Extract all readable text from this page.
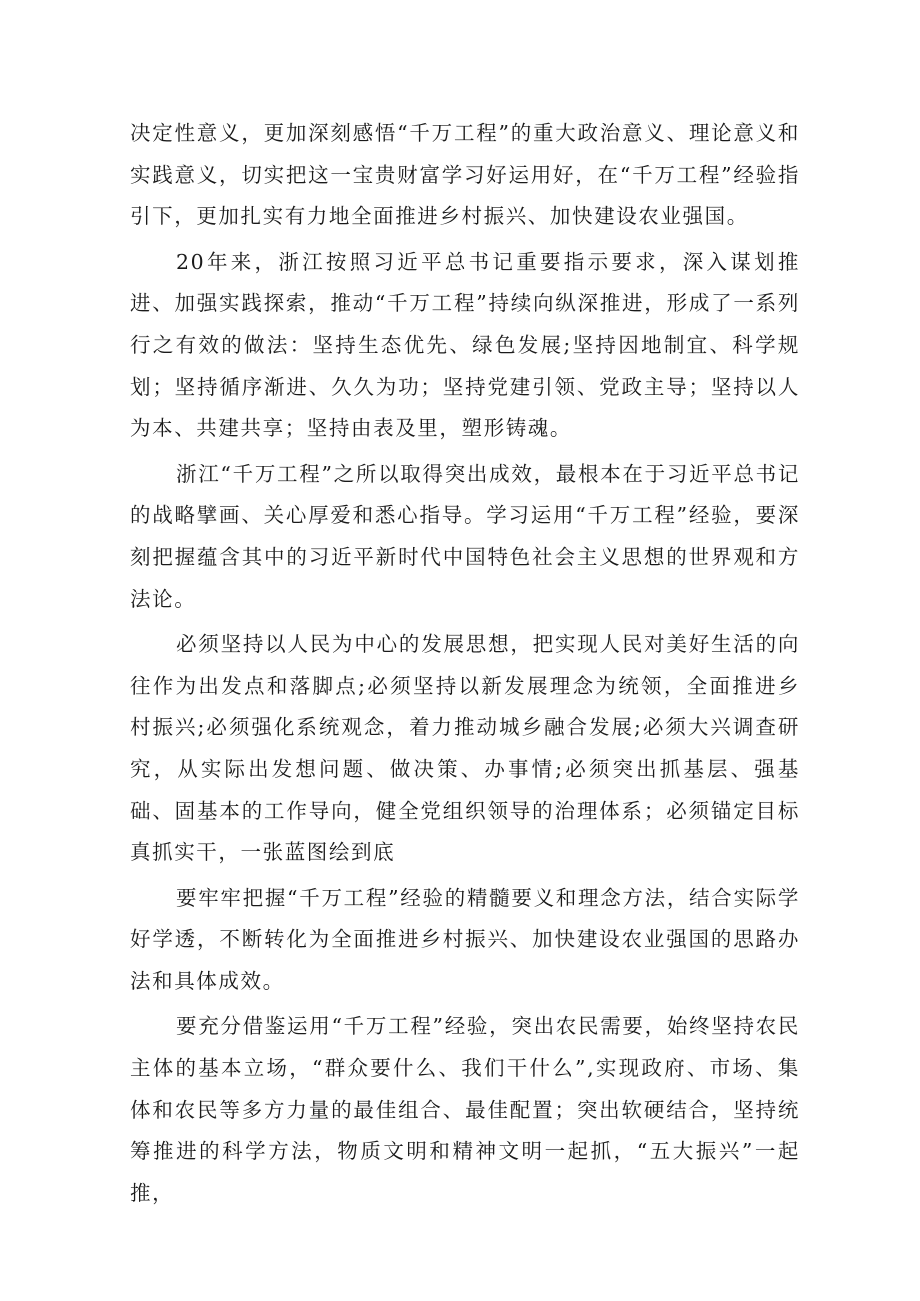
决定性意义，更加深刻感悟“千万工程”的重大政治意义、理论意义和实践意义，切实把这一宝贵财富学习好运用好，在“千万工程”经验指引下，更加扎实有力地全面推进乡村振兴、加快建设农业强国。

20年来，浙江按照习近平总书记重要指示要求，深入谋划推进、加强实践探索，推动“千万工程”持续向纵深推进，形成了一系列行之有效的做法：坚持生态优先、绿色发展;坚持因地制宜、科学规划；坚持循序渐进、久久为功；坚持党建引领、党政主导；坚持以人为本、共建共享；坚持由表及里，塑形铸魂。

浙江“千万工程”之所以取得突出成效，最根本在于习近平总书记的战略擘画、关心厚爱和悉心指导。学习运用“千万工程”经验，要深刻把握蕴含其中的习近平新时代中国特色社会主义思想的世界观和方法论。

必须坚持以人民为中心的发展思想，把实现人民对美好生活的向往作为出发点和落脚点;必须坚持以新发展理念为统领，全面推进乡村振兴;必须强化系统观念，着力推动城乡融合发展;必须大兴调查研究，从实际出发想问题、做决策、办事情;必须突出抓基层、强基础、固基本的工作导向，健全党组织领导的治理体系；必须锚定目标真抓实干，一张蓝图绘到底

要牢牢把握“千万工程”经验的精髓要义和理念方法，结合实际学好学透，不断转化为全面推进乡村振兴、加快建设农业强国的思路办法和具体成效。

要充分借鉴运用“千万工程”经验，突出农民需要，始终坚持农民主体的基本立场，“群众要什么、我们干什么”,实现政府、市场、集体和农民等多方力量的最佳组合、最佳配置；突出软硬结合，坚持统筹推进的科学方法，物质文明和精神文明一起抓，“五大振兴”一起推，
